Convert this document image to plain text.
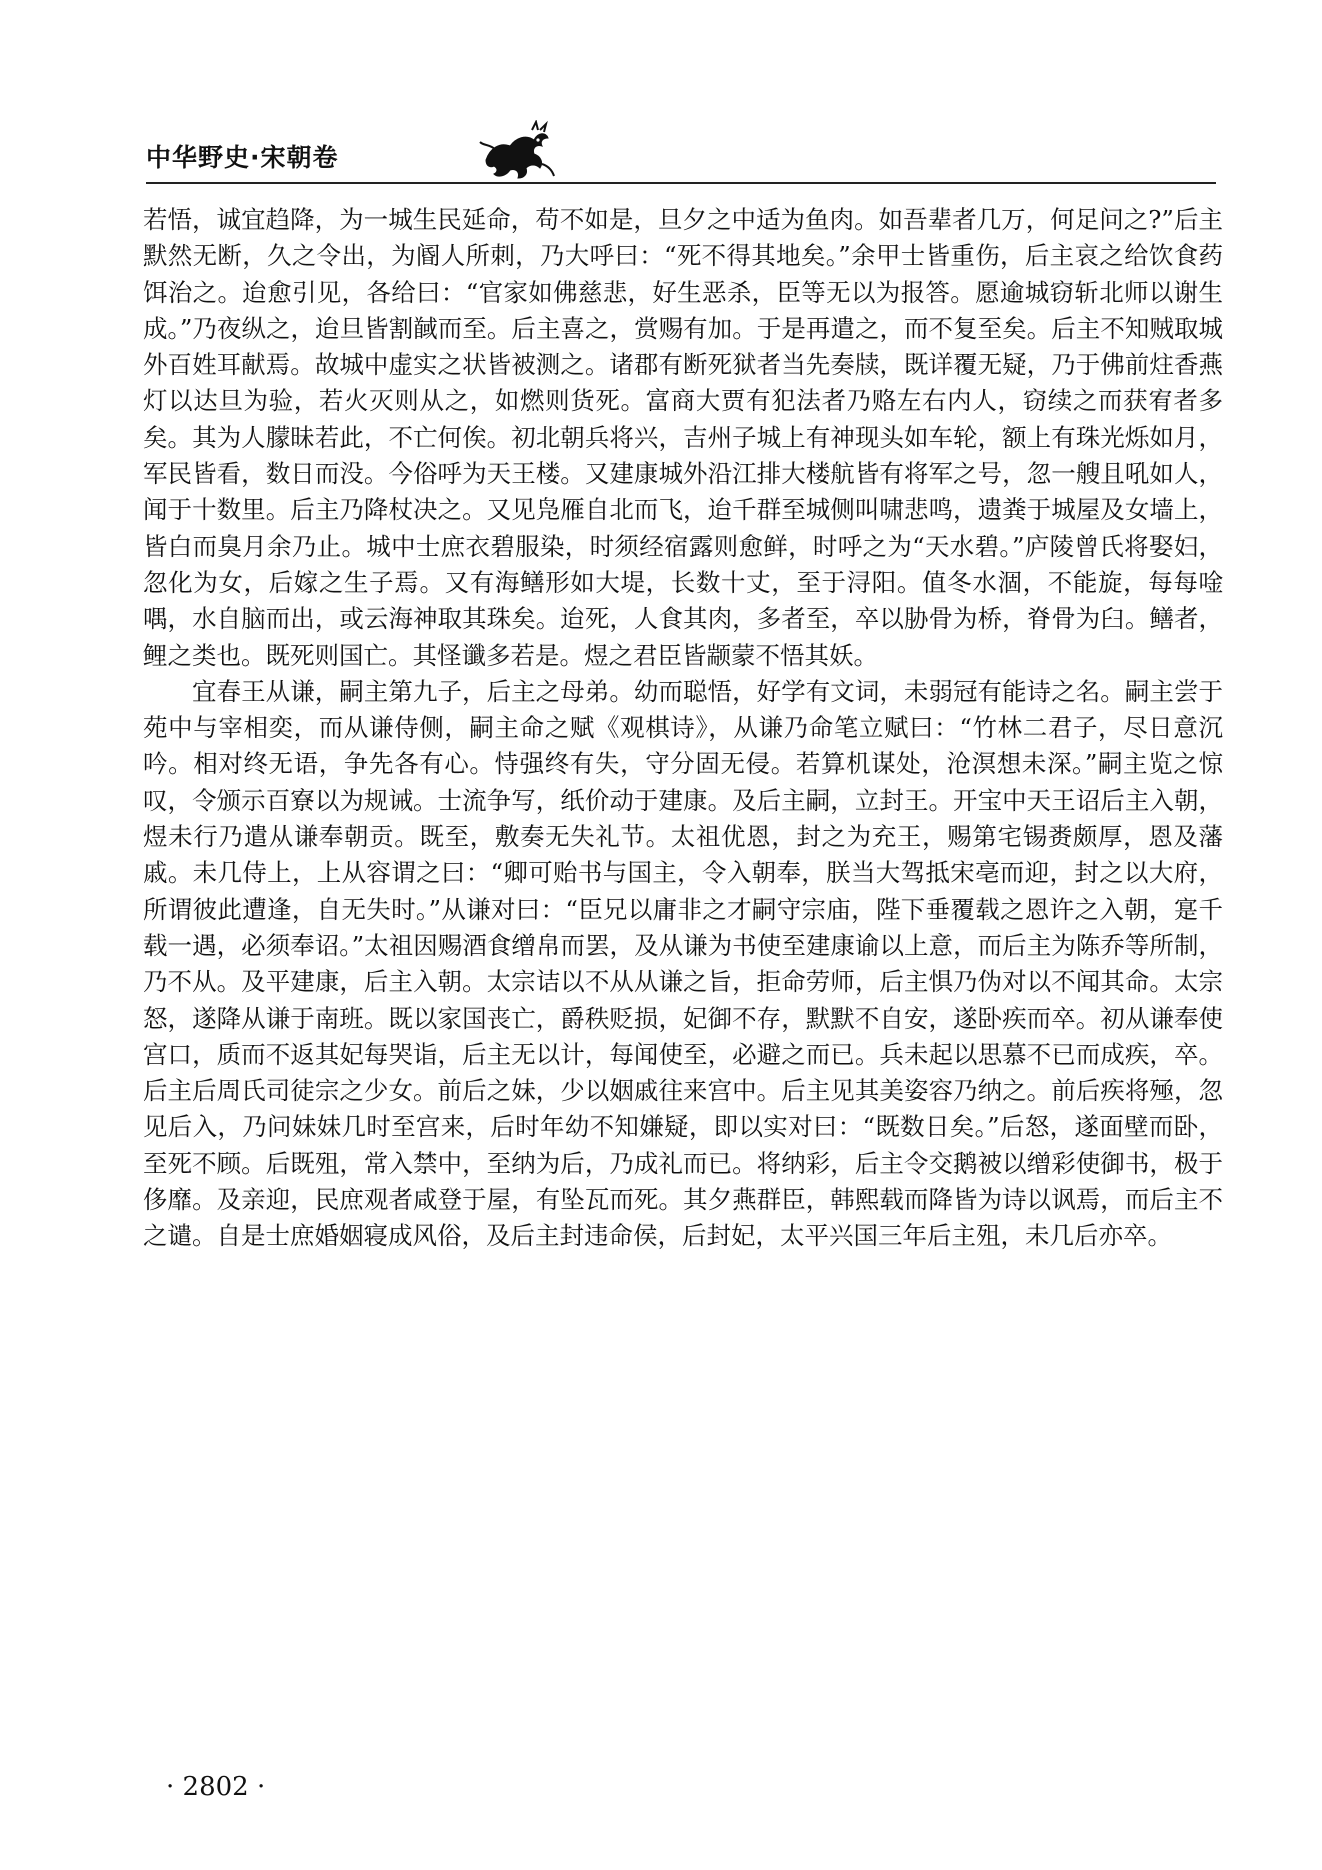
中华野史·宋朝卷

若悟，诚宜趋降，为一城生民延命，苟不如是，旦夕之中适为鱼肉。如吾辈者几万，何足问之?”后主默然无断，久之令出，为阍人所刺，乃大呼曰：“死不得其地矣。”余甲士皆重伤，后主哀之给饮食药饵治之。迨愈引见，各给曰：“官家如佛慈悲，好生恶杀，臣等无以为报答。愿逾城窃斩北师以谢生成。”乃夜纵之，迨旦皆割馘而至。后主喜之，赏赐有加。于是再遣之，而不复至矣。后主不知贼取城外百姓耳献焉。故城中虚实之状皆被测之。诸郡有断死狱者当先奏牍，既详覆无疑，乃于佛前炷香燕灯以达旦为验，若火灭则从之，如燃则货死。富商大贾有犯法者乃赂左右内人，窃续之而获宥者多矣。其为人朦昧若此，不亡何俟。初北朝兵将兴，吉州子城上有神现头如车轮，额上有珠光烁如月，军民皆看，数日而没。今俗呼为天王楼。又建康城外沿江排大楼航皆有将军之号，忽一艘且吼如人，闻于十数里。后主乃降杖决之。又见凫雁自北而飞，迨千群至城侧叫啸悲鸣，遗粪于城屋及女墙上，皆白而臭月余乃止。城中士庶衣碧服染，时须经宿露则愈鲜，时呼之为“天水碧。”庐陵曾氏将娶妇，忽化为女，后嫁之生子焉。又有海鳝形如大堤，长数十丈，至于浔阳。值冬水涸，不能旋，每每唫喁，水自脑而出，或云海神取其珠矣。迨死，人食其肉，多者至，卒以胁骨为桥，脊骨为臼。鳝者，鲤之类也。既死则国亡。其怪谶多若是。煜之君臣皆颛蒙不悟其妖。

宜春王从谦，嗣主第九子，后主之母弟。幼而聪悟，好学有文词，未弱冠有能诗之名。嗣主尝于苑中与宰相奕，而从谦侍侧，嗣主命之赋《观棋诗》，从谦乃命笔立赋曰：“竹林二君子，尽日意沉吟。相对终无语，争先各有心。恃强终有失，守分固无侵。若算机谋处，沧溟想未深。”嗣主览之惊叹，令颁示百寮以为规诫。士流争写，纸价动于建康。及后主嗣，立封王。开宝中天王诏后主入朝，煜未行乃遣从谦奉朝贡。既至，敷奏无失礼节。太祖优恩，封之为充王，赐第宅锡赉颇厚，恩及藩戚。未几侍上，上从容谓之曰：“卿可贻书与国主，令入朝奉，朕当大驾抵宋亳而迎，封之以大府，所谓彼此遭逢，自无失时。”从谦对曰：“臣兄以庸非之才嗣守宗庙，陛下垂覆载之恩许之入朝，寔千载一遇，必须奉诏。”太祖因赐酒食缯帛而罢，及从谦为书使至建康谕以上意，而后主为陈乔等所制，乃不从。及平建康，后主入朝。太宗诘以不从从谦之旨，拒命劳师，后主惧乃伪对以不闻其命。太宗怒，遂降从谦于南班。既以家国丧亡，爵秩贬损，妃御不存，默默不自安，遂卧疾而卒。初从谦奉使宫口，质而不返其妃每哭诣，后主无以计，每闻使至，必避之而已。兵未起以思慕不已而成疾，卒。后主后周氏司徒宗之少女。前后之妹，少以姻戚往来宫中。后主见其美姿容乃纳之。前后疾将殛，忽见后入，乃问妹妹几时至宫来，后时年幼不知嫌疑，即以实对曰：“既数日矣。”后怒，遂面壁而卧，至死不顾。后既殂，常入禁中，至纳为后，乃成礼而已。将纳彩，后主令交鹅被以缯彩使御书，极于侈靡。及亲迎，民庶观者咸登于屋，有坠瓦而死。其夕燕群臣，韩熙载而降皆为诗以讽焉，而后主不之谴。自是士庶婚姻寝成风俗，及后主封违命侯，后封妃，太平兴国三年后主殂，未几后亦卒。

· 2802 ·
